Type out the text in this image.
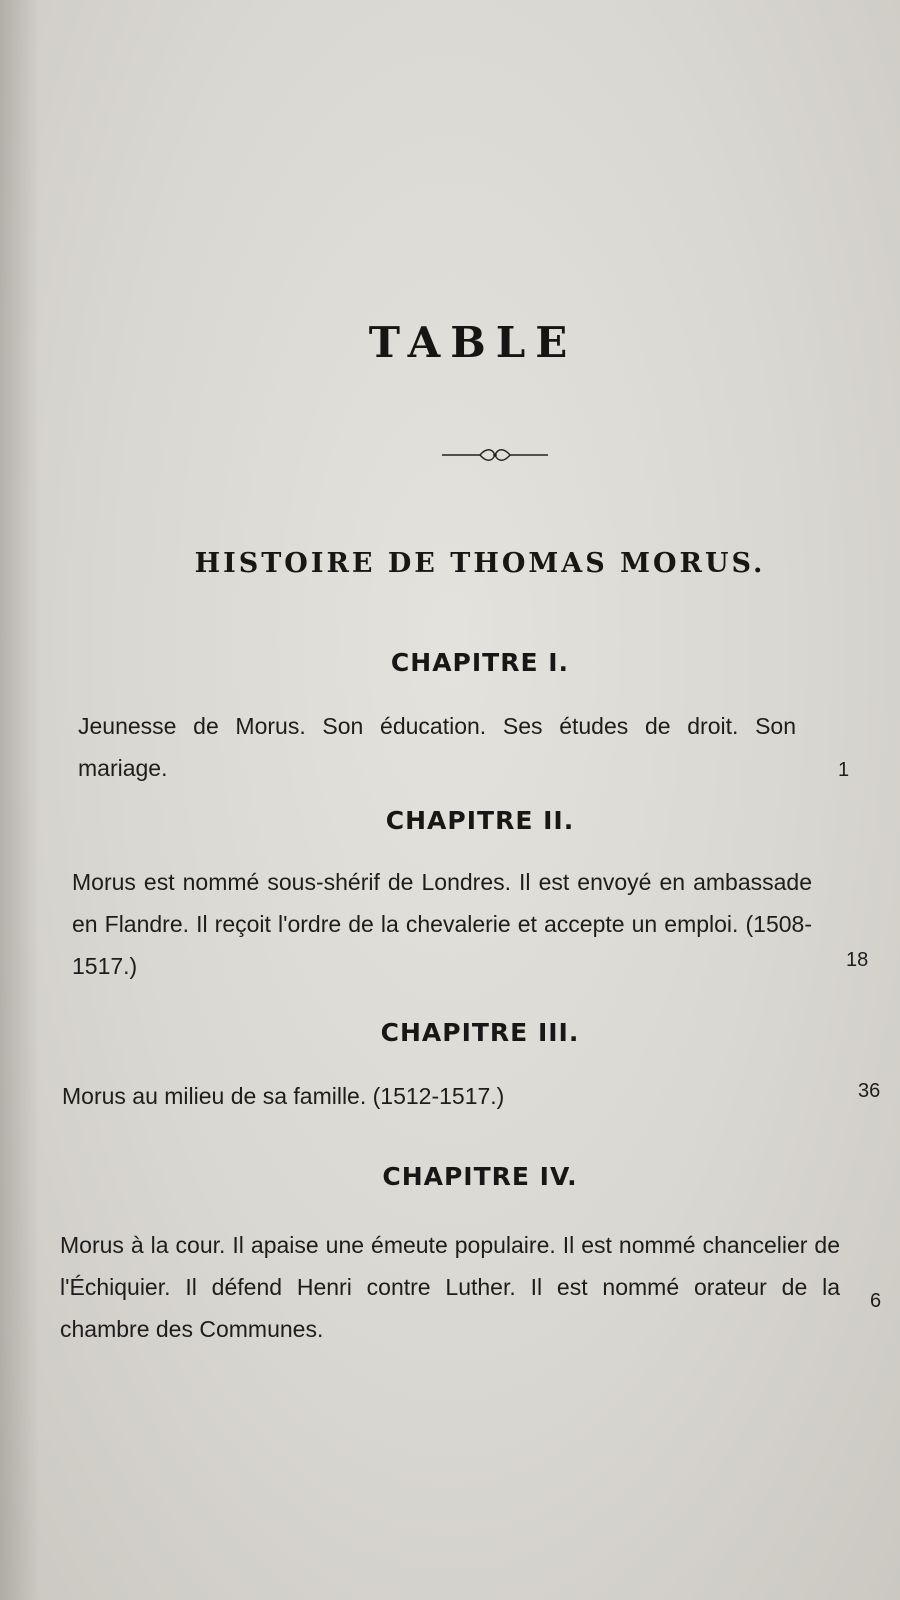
TABLE
HISTOIRE DE THOMAS MORUS.
CHAPITRE I.
Jeunesse de Morus. Son éducation. Ses études de droit. Son mariage.	1
CHAPITRE II.
Morus est nommé sous-shérif de Londres. Il est envoyé en ambassade en Flandre. Il reçoit l'ordre de la chevalerie et accepte un emploi. (1508-1517.)	18
CHAPITRE III.
Morus au milieu de sa famille. (1512-1517.)	36
CHAPITRE IV.
Morus à la cour. Il apaise une émeute populaire. Il est nommé chancelier de l'Échiquier. Il défend Henri contre Luther. Il est nommé orateur de la chambre des Communes.
6
